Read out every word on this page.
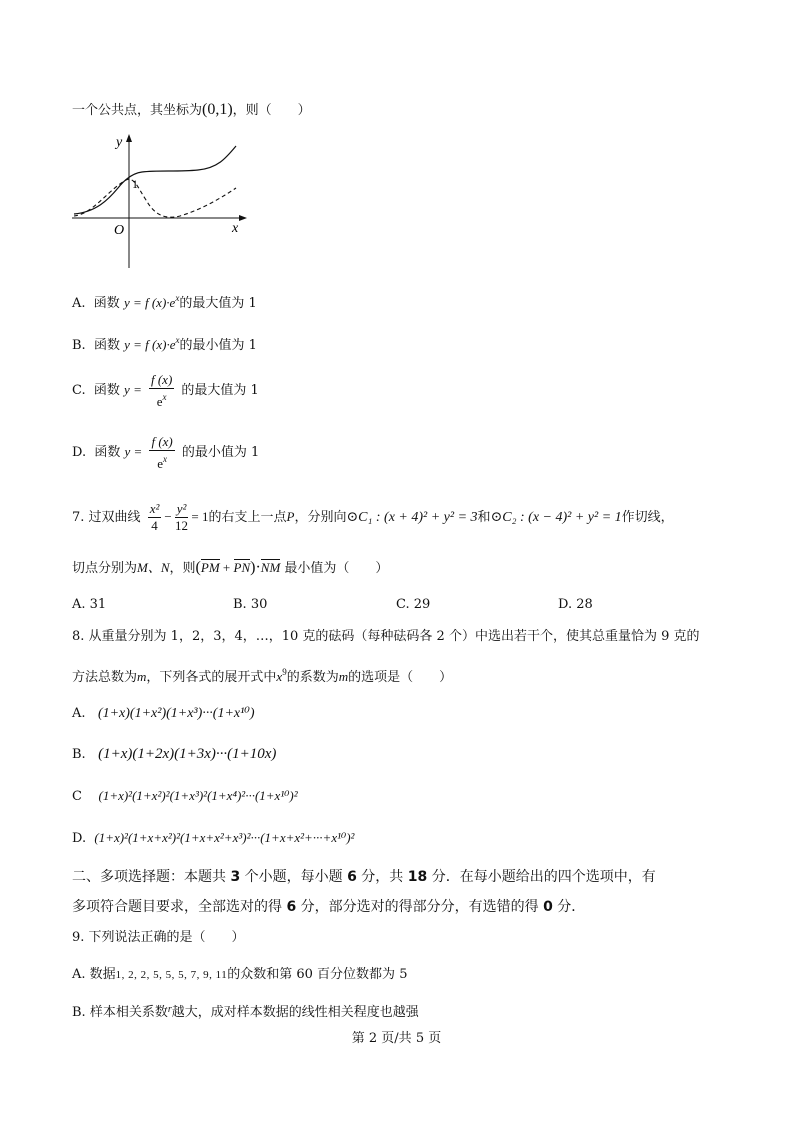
一个公共点，其坐标为(0,1)，则（　　）
y
x
O
1
A. 函数 y = f $(x)\cdot e^x$的最大值为 1
B. 函数 y = f $(x)\cdot e^x$的最小值为 1
C. 函数 $y = \frac{f (x)}{e^x}$ 的最大值为 1
D. 函数 $y = \frac{f (x)}{e^x}$ 的最小值为 1
7. 过双曲线 $\frac{\text{x²}}{4} - \frac{\text{y²}}{12} = 1$的右支上一点P，分别向⊙C₁ : (x + 4)² + y² = 3和⊙C₂ : (x − 4)² + y² = 1作切线，
切点分别为M、N，则(PM + PN)·NM 最小值为（　　）
A. 31	B. 30	C. 29	D. 28
8. 从重量分别为 1，2，3，4，…，10 克的砝码（每种砝码各 2 个）中选出若干个，使其总重量恰为 9 克的
方法总数为m，下列各式的展开式中$x^9$的系数为m的选项是（　　）
A. (1+x)(1+x²)(1+x³)···(1+x¹⁰)
B. (1+x)(1+2x)(1+3x)···(1+10x)
C (1+x)²(1+x²)²(1+x³)²(1+x⁴)²···(1+x¹⁰)²
D. (1+x)²(1+x+x²)²(1+x+x²+x³)²···(1+x+x²+···+x¹⁰)²
二、多项选择题：本题共 3 个小题，每小题 6 分，共 18 分．在每小题给出的四个选项中，有
多项符合题目要求，全部选对的得 6 分，部分选对的得部分分，有选错的得 0 分．
9. 下列说法正确的是（　　）
A. 数据1, 2, 2, 5, 5, 5, 7, 9, 11的众数和第 60 百分位数都为 5
B. 样本相关系数$^r$越大，成对样本数据的线性相关程度也越强
第 2 页/共 5 页
